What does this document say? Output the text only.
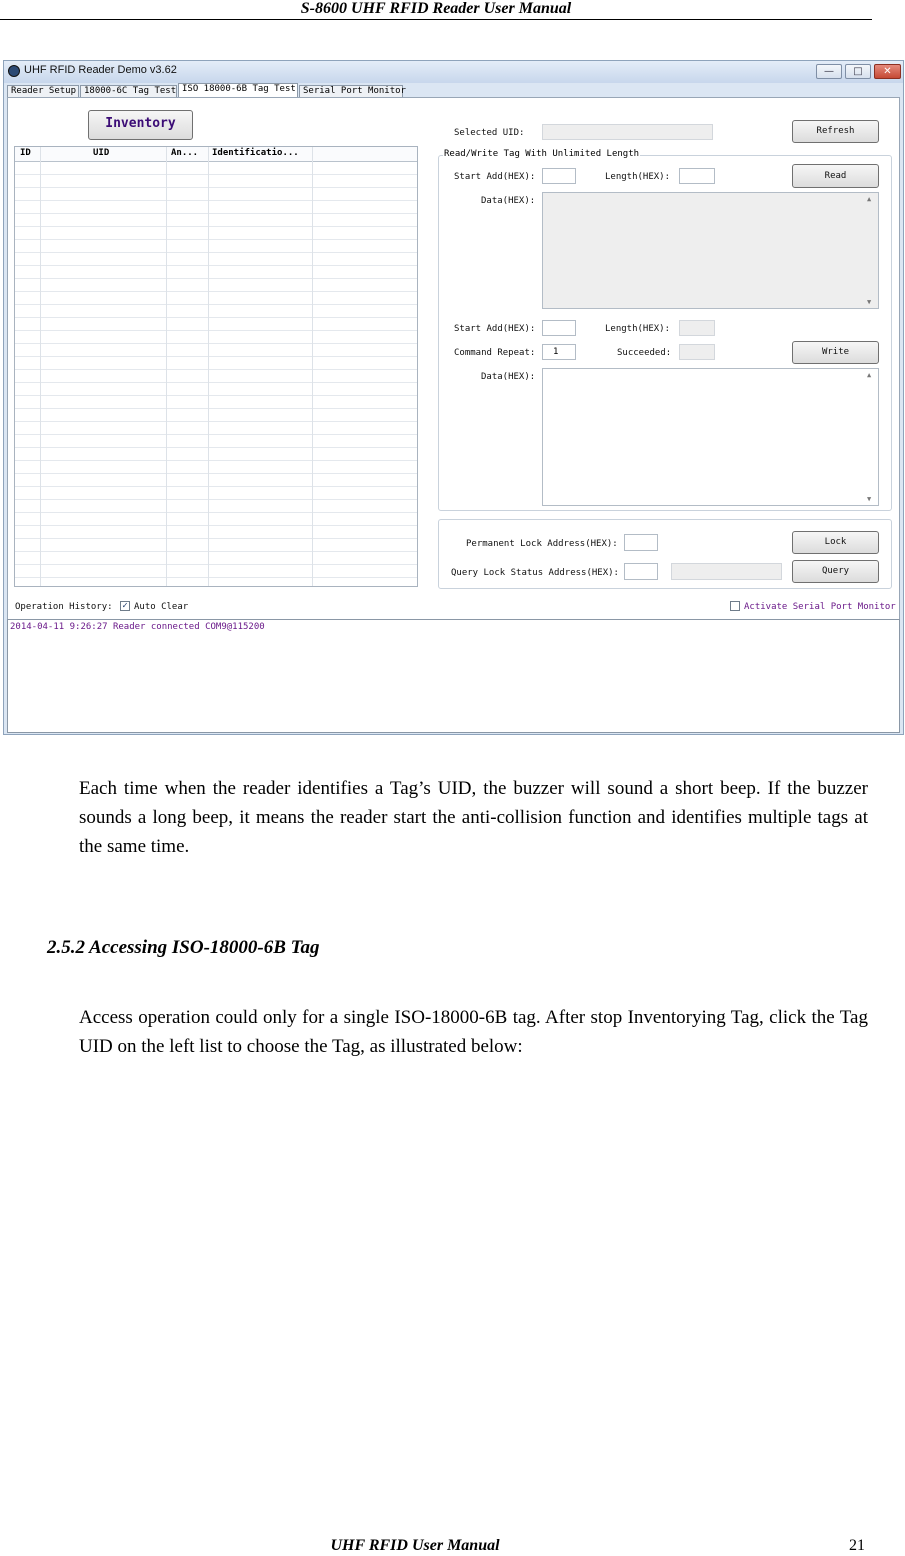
S-8600 UHF RFID Reader User Manual
UHF RFID Reader Demo v3.62	—	□	✕
Reader Setup 18000-6C Tag Test ISO 18000-6B Tag Test Serial Port Monitor
Inventory
ID	UID	An... Identificatio...
Selected UID:	Refresh
Read/Write Tag With Unlimited Length
Start Add(HEX):	Length(HEX):	Read
Data(HEX):	▲
▼
Start Add(HEX):	Length(HEX):
Command Repeat:	1	Succeeded:	Write
Data(HEX):	▲
▼
Permanent Lock Address(HEX):	Lock
Query Lock Status Address(HEX):	Query
Operation History: ✓ Auto Clear	Activate Serial Port Monitor
2014-04-11 9:26:27 Reader connected COM9@115200

Each time when the reader identifies a Tag’s UID, the buzzer will sound a short beep. If the buzzer sounds a long beep, it means the reader start the anti-collision function and identifies multiple tags at the same time.

2.5.2 Accessing ISO-18000-6B Tag

Access operation could only for a single ISO-18000-6B tag. After stop Inventorying Tag, click the Tag UID on the left list to choose the Tag, as illustrated below:

UHF RFID User Manual	21
